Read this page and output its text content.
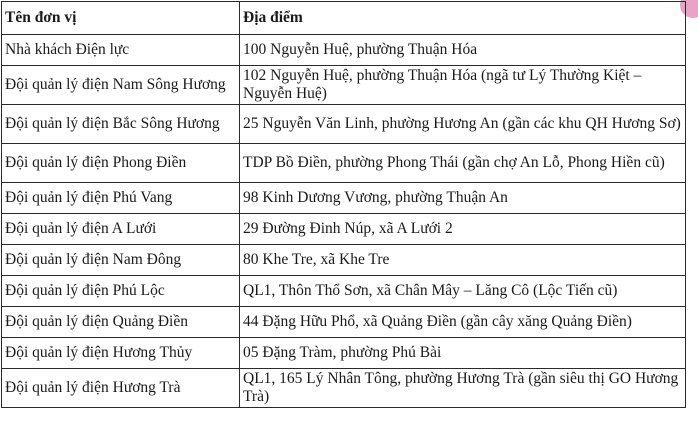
Tên đơn vị	Địa điểm
Nhà khách Điện lực	100 Nguyễn Huệ, phường Thuận Hóa
Đội quản lý điện Nam Sông Hương	102 Nguyễn Huệ, phường Thuận Hóa (ngã tư Lý Thường Kiệt – Nguyễn Huệ)
Đội quản lý điện Bắc Sông Hương	25 Nguyễn Văn Linh, phường Hương An (gần các khu QH Hương Sơ)
Đội quản lý điện Phong Điền	TDP Bồ Điền, phường Phong Thái (gần chợ An Lỗ, Phong Hiền cũ)
Đội quản lý điện Phú Vang	98 Kinh Dương Vương, phường Thuận An
Đội quản lý điện A Lưới	29 Đường Đinh Núp, xã A Lưới 2
Đội quản lý điện Nam Đông	80 Khe Tre, xã Khe Tre
Đội quản lý điện Phú Lộc	QL1, Thôn Thổ Sơn, xã Chân Mây – Lăng Cô (Lộc Tiến cũ)
Đội quản lý điện Quảng Điền	44 Đặng Hữu Phổ, xã Quảng Điền (gần cây xăng Quảng Điền)
Đội quản lý điện Hương Thủy	05 Đặng Tràm, phường Phú Bài
Đội quản lý điện Hương Trà	QL1, 165 Lý Nhân Tông, phường Hương Trà (gần siêu thị GO Hương Trà)
